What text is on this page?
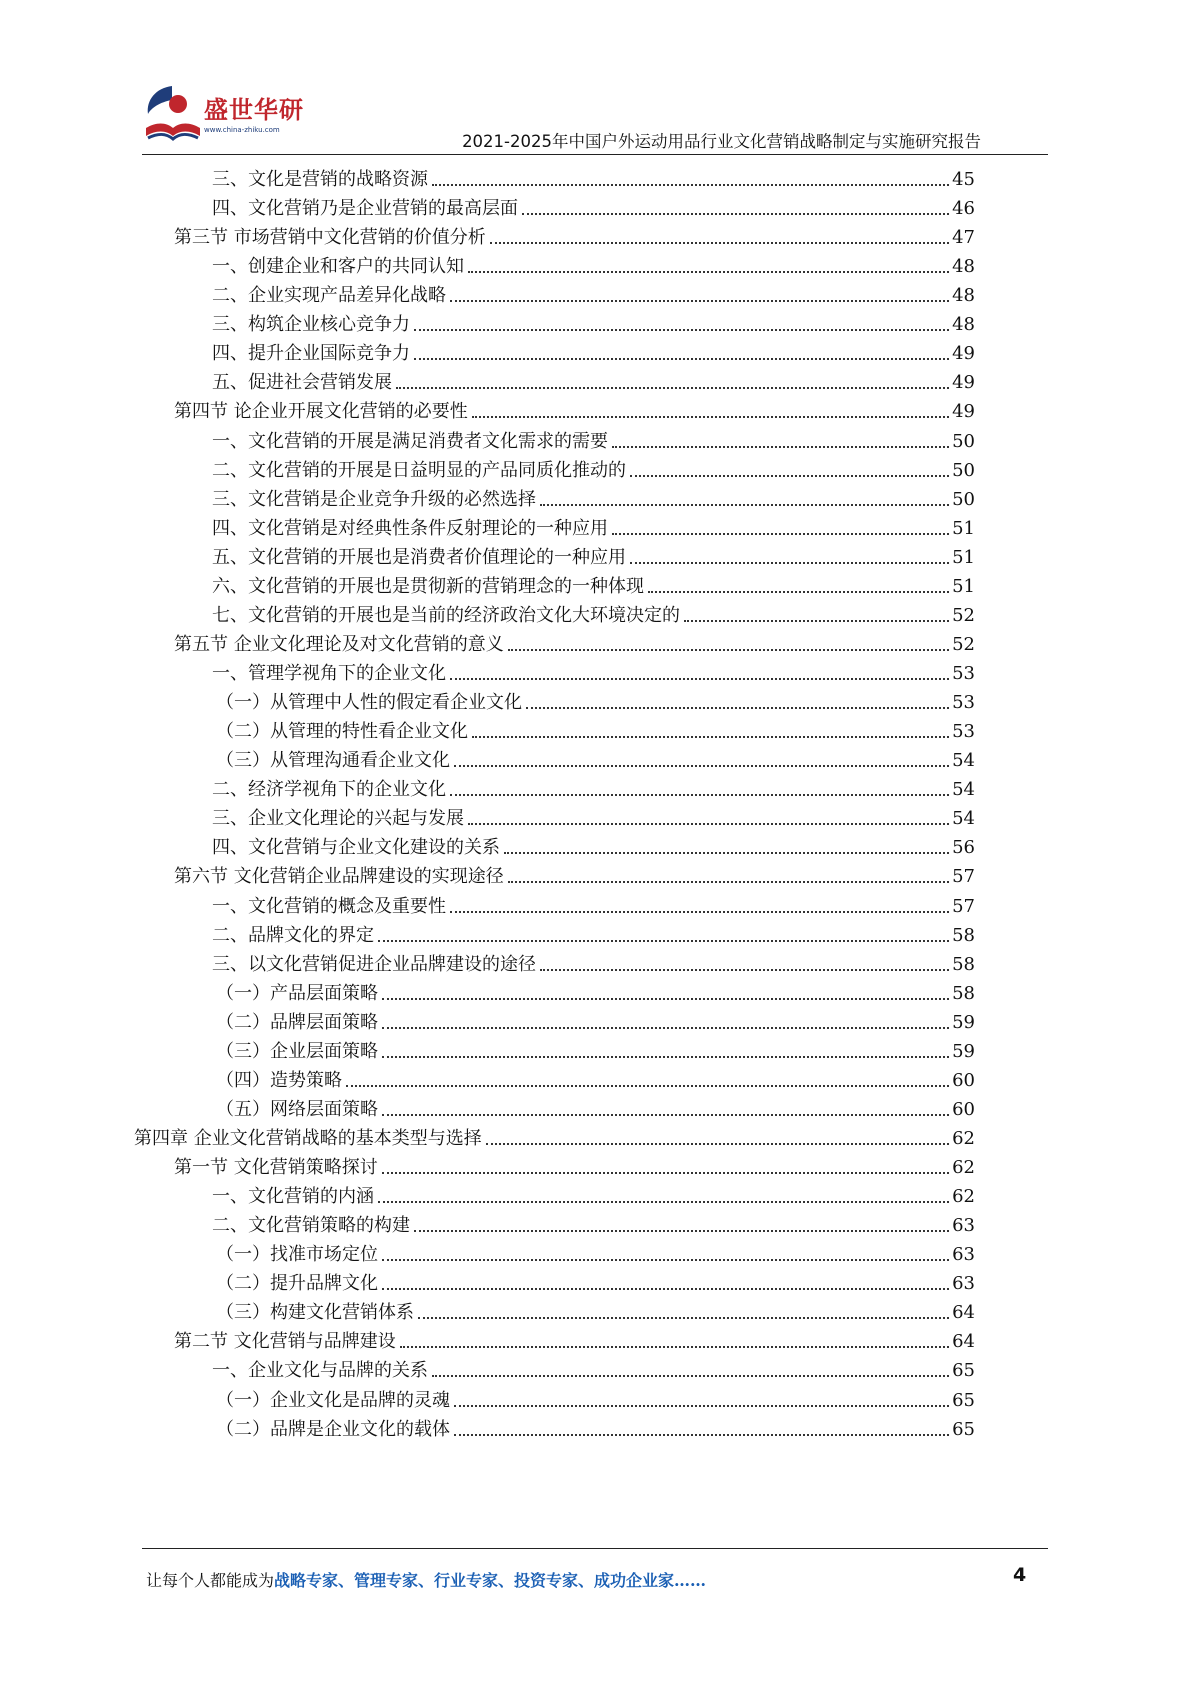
盛世华研
www.china-zhiku.com
2021-2025年中国户外运动用品行业文化营销战略制定与实施研究报告
三、文化是营销的战略资源	45
四、文化营销乃是企业营销的最高层面	46
第三节 市场营销中文化营销的价值分析	47
一、创建企业和客户的共同认知	48
二、企业实现产品差异化战略	48
三、构筑企业核心竞争力	48
四、提升企业国际竞争力	49
五、促进社会营销发展	49
第四节 论企业开展文化营销的必要性	49
一、文化营销的开展是满足消费者文化需求的需要	50
二、文化营销的开展是日益明显的产品同质化推动的	50
三、文化营销是企业竞争升级的必然选择	50
四、文化营销是对经典性条件反射理论的一种应用	51
五、文化营销的开展也是消费者价值理论的一种应用	51
六、文化营销的开展也是贯彻新的营销理念的一种体现	51
七、文化营销的开展也是当前的经济政治文化大环境决定的	52
第五节 企业文化理论及对文化营销的意义	52
一、管理学视角下的企业文化	53
（一）从管理中人性的假定看企业文化	53
（二）从管理的特性看企业文化	53
（三）从管理沟通看企业文化	54
二、经济学视角下的企业文化	54
三、企业文化理论的兴起与发展	54
四、文化营销与企业文化建设的关系	56
第六节 文化营销企业品牌建设的实现途径	57
一、文化营销的概念及重要性	57
二、品牌文化的界定	58
三、以文化营销促进企业品牌建设的途径	58
（一）产品层面策略	58
（二）品牌层面策略	59
（三）企业层面策略	59
（四）造势策略	60
（五）网络层面策略	60
第四章 企业文化营销战略的基本类型与选择	62
第一节 文化营销策略探讨	62
一、文化营销的内涵	62
二、文化营销策略的构建	63
（一）找准市场定位	63
（二）提升品牌文化	63
（三）构建文化营销体系	64
第二节 文化营销与品牌建设	64
一、企业文化与品牌的关系	65
（一）企业文化是品牌的灵魂	65
（二）品牌是企业文化的载体	65
让每个人都能成为战略专家、管理专家、行业专家、投资专家、成功企业家……	4
